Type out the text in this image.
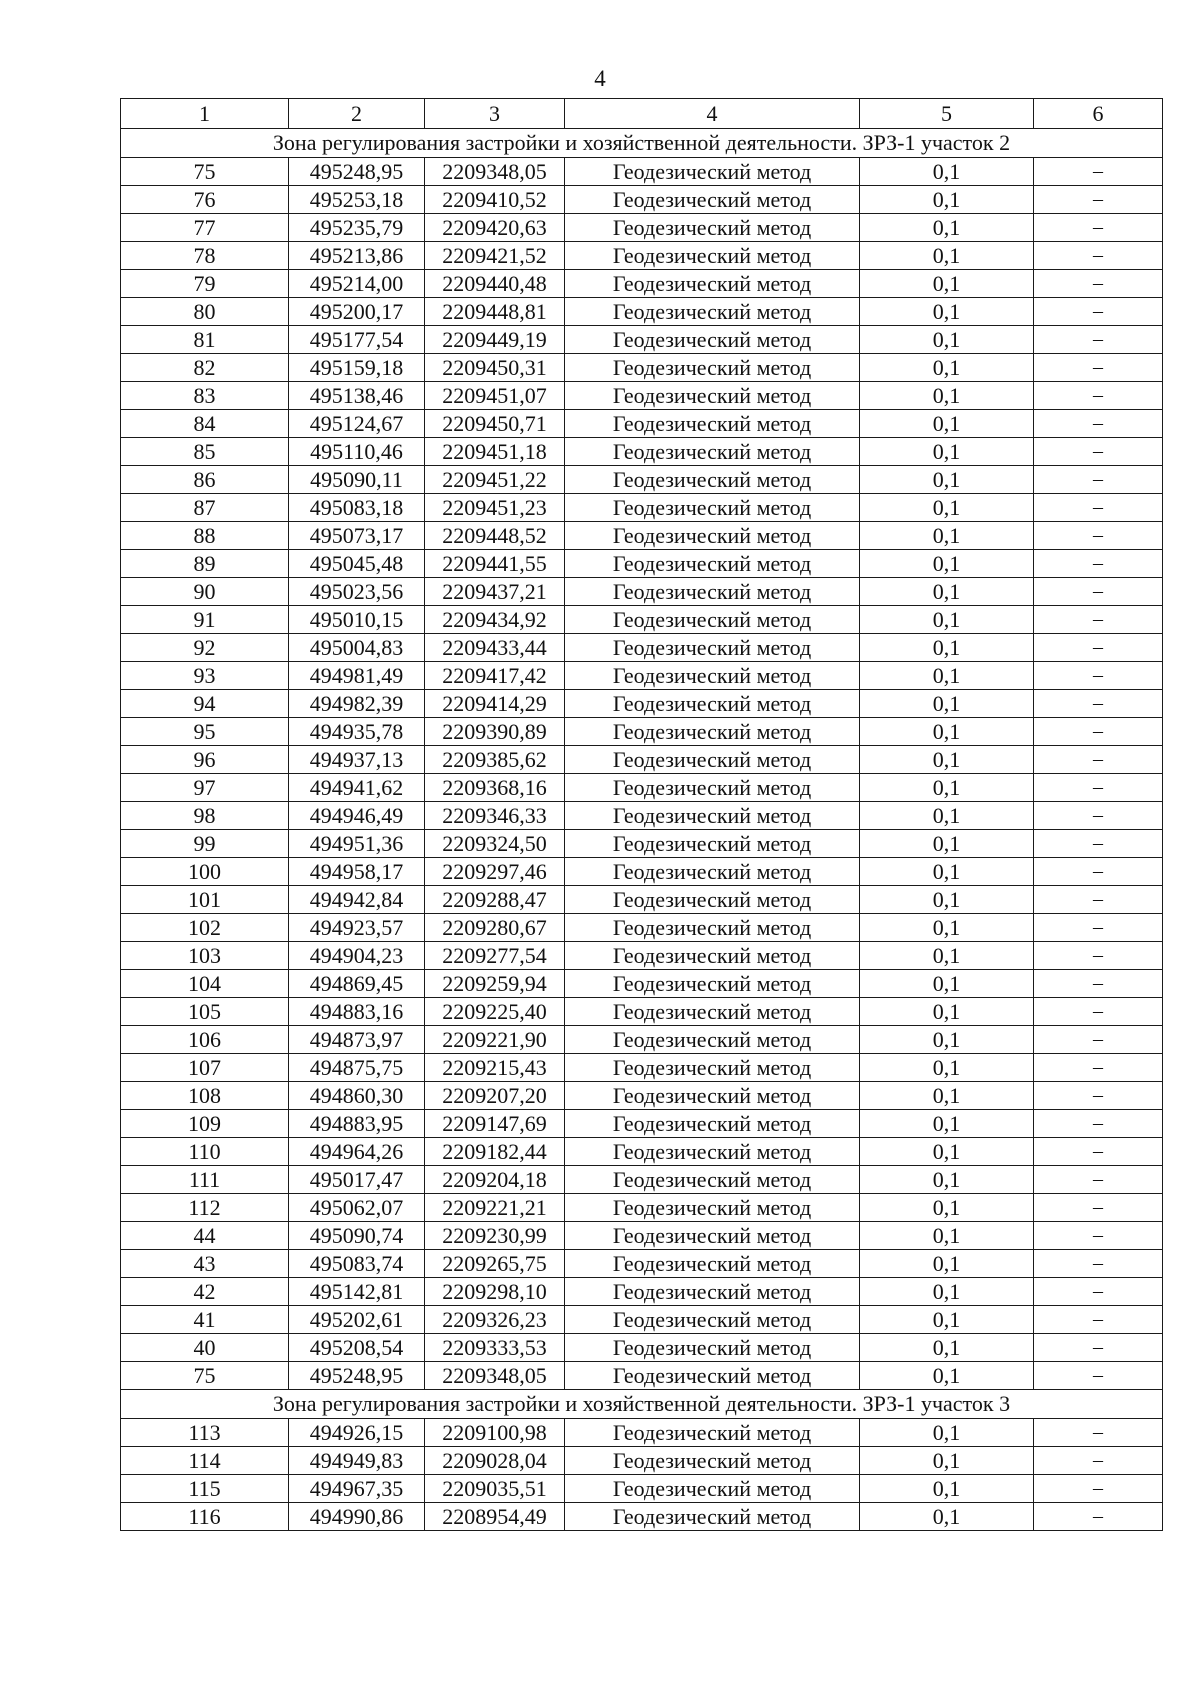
4
1	2	3	4	5	6
Зона регулирования застройки и хозяйственной деятельности. ЗРЗ-1 участок 2					
75	495248,95	2209348,05	Геодезический метод	0,1	–
76	495253,18	2209410,52	Геодезический метод	0,1	–
77	495235,79	2209420,63	Геодезический метод	0,1	–
78	495213,86	2209421,52	Геодезический метод	0,1	–
79	495214,00	2209440,48	Геодезический метод	0,1	–
80	495200,17	2209448,81	Геодезический метод	0,1	–
81	495177,54	2209449,19	Геодезический метод	0,1	–
82	495159,18	2209450,31	Геодезический метод	0,1	–
83	495138,46	2209451,07	Геодезический метод	0,1	–
84	495124,67	2209450,71	Геодезический метод	0,1	–
85	495110,46	2209451,18	Геодезический метод	0,1	–
86	495090,11	2209451,22	Геодезический метод	0,1	–
87	495083,18	2209451,23	Геодезический метод	0,1	–
88	495073,17	2209448,52	Геодезический метод	0,1	–
89	495045,48	2209441,55	Геодезический метод	0,1	–
90	495023,56	2209437,21	Геодезический метод	0,1	–
91	495010,15	2209434,92	Геодезический метод	0,1	–
92	495004,83	2209433,44	Геодезический метод	0,1	–
93	494981,49	2209417,42	Геодезический метод	0,1	–
94	494982,39	2209414,29	Геодезический метод	0,1	–
95	494935,78	2209390,89	Геодезический метод	0,1	–
96	494937,13	2209385,62	Геодезический метод	0,1	–
97	494941,62	2209368,16	Геодезический метод	0,1	–
98	494946,49	2209346,33	Геодезический метод	0,1	–
99	494951,36	2209324,50	Геодезический метод	0,1	–
100	494958,17	2209297,46	Геодезический метод	0,1	–
101	494942,84	2209288,47	Геодезический метод	0,1	–
102	494923,57	2209280,67	Геодезический метод	0,1	–
103	494904,23	2209277,54	Геодезический метод	0,1	–
104	494869,45	2209259,94	Геодезический метод	0,1	–
105	494883,16	2209225,40	Геодезический метод	0,1	–
106	494873,97	2209221,90	Геодезический метод	0,1	–
107	494875,75	2209215,43	Геодезический метод	0,1	–
108	494860,30	2209207,20	Геодезический метод	0,1	–
109	494883,95	2209147,69	Геодезический метод	0,1	–
110	494964,26	2209182,44	Геодезический метод	0,1	–
111	495017,47	2209204,18	Геодезический метод	0,1	–
112	495062,07	2209221,21	Геодезический метод	0,1	–
44	495090,74	2209230,99	Геодезический метод	0,1	–
43	495083,74	2209265,75	Геодезический метод	0,1	–
42	495142,81	2209298,10	Геодезический метод	0,1	–
41	495202,61	2209326,23	Геодезический метод	0,1	–
40	495208,54	2209333,53	Геодезический метод	0,1	–
75	495248,95	2209348,05	Геодезический метод	0,1	–
Зона регулирования застройки и хозяйственной деятельности. ЗРЗ-1 участок 3					
113	494926,15	2209100,98	Геодезический метод	0,1	–
114	494949,83	2209028,04	Геодезический метод	0,1	–
115	494967,35	2209035,51	Геодезический метод	0,1	–
116	494990,86	2208954,49	Геодезический метод	0,1	–
